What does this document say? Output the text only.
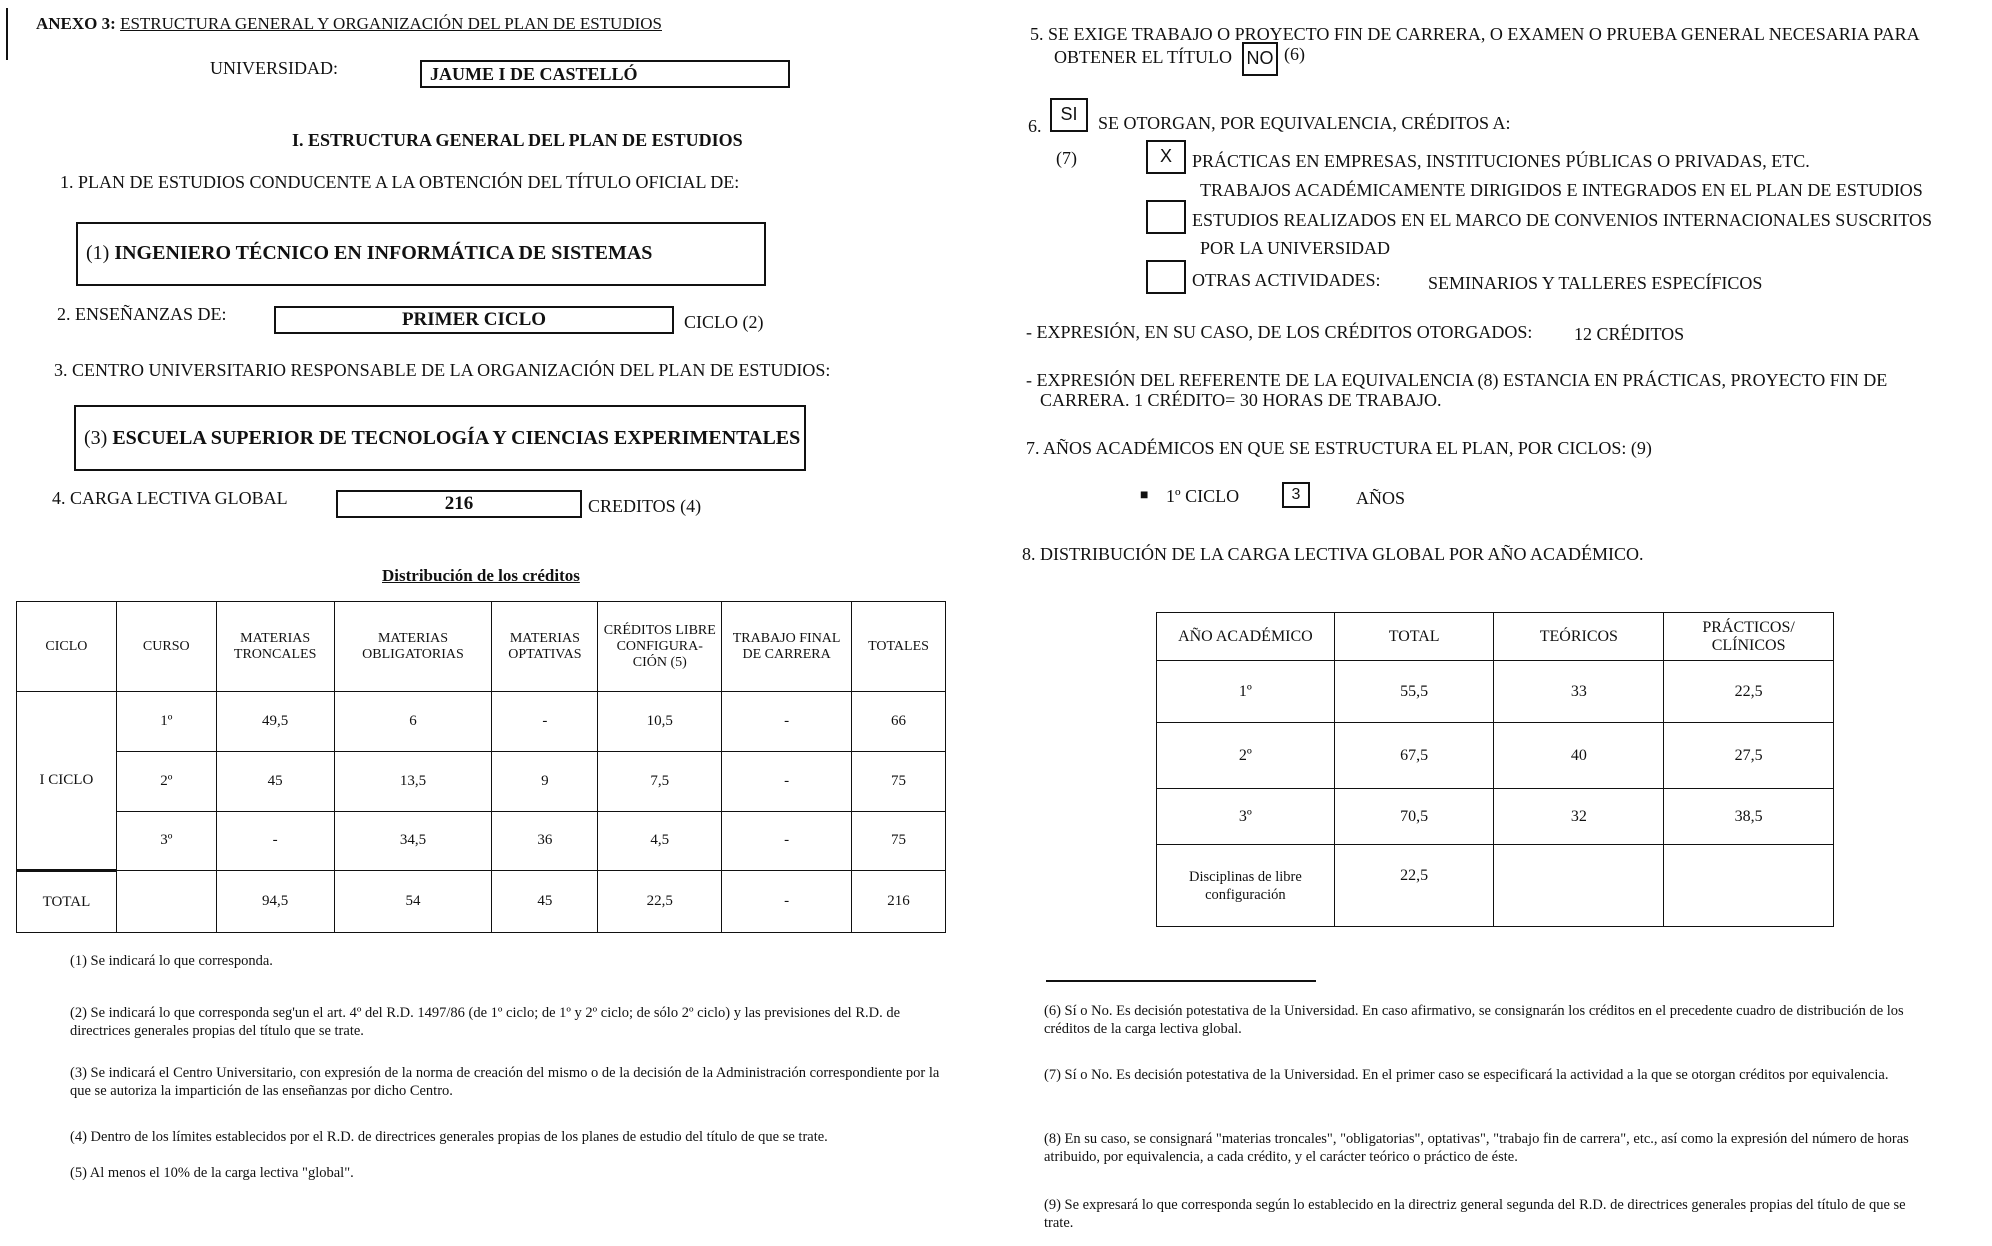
ANEXO 3: ESTRUCTURA GENERAL Y ORGANIZACIÓN DEL PLAN DE ESTUDIOS
UNIVERSIDAD:	JAUME I DE CASTELLÓ
I. ESTRUCTURA GENERAL DEL PLAN DE ESTUDIOS
1. PLAN DE ESTUDIOS CONDUCENTE A LA OBTENCIÓN DEL TÍTULO OFICIAL DE:
(1) INGENIERO TÉCNICO EN INFORMÁTICA DE SISTEMAS
2. ENSEÑANZAS DE:	PRIMER CICLO	CICLO (2)
3. CENTRO UNIVERSITARIO RESPONSABLE DE LA ORGANIZACIÓN DEL PLAN DE ESTUDIOS:
(3) ESCUELA SUPERIOR DE TECNOLOGÍA Y CIENCIAS EXPERIMENTALES
4. CARGA LECTIVA GLOBAL	216	CREDITOS (4)
Distribución de los créditos
CICLO	CURSO	MATERIAS TRONCALES	MATERIAS OBLIGATORIAS	MATERIAS OPTATIVAS	CRÉDITOS LIBRE CONFIGURA-CIÓN (5)	TRABAJO FINAL DE CARRERA	TOTALES
I CICLO	1º	49,5	6	-	10,5	-	66
	2º	45	13,5	9	7,5	-	75
	3º	-	34,5	36	4,5	-	75
TOTAL		94,5	54	45	22,5	-	216
(1) Se indicará lo que corresponda.
(2) Se indicará lo que corresponda seg'un el art. 4º del R.D. 1497/86 (de 1º ciclo; de 1º y 2º ciclo; de sólo 2º ciclo) y las previsiones del R.D. de directrices generales propias del título que se trate.
(3) Se indicará el Centro Universitario, con expresión de la norma de creación del mismo o de la decisión de la Administración correspondiente por la que se autoriza la impartición de las enseñanzas por dicho Centro.
(4) Dentro de los límites establecidos por el R.D. de directrices generales propias de los planes de estudio del título de que se trate.
(5) Al menos el 10% de la carga lectiva "global".
5. SE EXIGE TRABAJO O PROYECTO FIN DE CARRERA, O EXAMEN O PRUEBA GENERAL NECESARIA PARA
OBTENER EL TÍTULO NO (6)
6.
SI	SE OTORGAN, POR EQUIVALENCIA, CRÉDITOS A:
(7)	X	PRÁCTICAS EN EMPRESAS, INSTITUCIONES PÚBLICAS O PRIVADAS, ETC.
TRABAJOS ACADÉMICAMENTE DIRIGIDOS E INTEGRADOS EN EL PLAN DE ESTUDIOS
ESTUDIOS REALIZADOS EN EL MARCO DE CONVENIOS INTERNACIONALES SUSCRITOS
POR LA UNIVERSIDAD
OTRAS ACTIVIDADES:	SEMINARIOS Y TALLERES ESPECÍFICOS
- EXPRESIÓN, EN SU CASO, DE LOS CRÉDITOS OTORGADOS: 12 CRÉDITOS
- EXPRESIÓN DEL REFERENTE DE LA EQUIVALENCIA (8) ESTANCIA EN PRÁCTICAS, PROYECTO FIN DE
CARRERA. 1 CRÉDITO= 30 HORAS DE TRABAJO.
7. AÑOS ACADÉMICOS EN QUE SE ESTRUCTURA EL PLAN, POR CICLOS: (9)
■ 1º CICLO	3	AÑOS
8. DISTRIBUCIÓN DE LA CARGA LECTIVA GLOBAL POR AÑO ACADÉMICO.
AÑO ACADÉMICO	TOTAL	TEÓRICOS	PRÁCTICOS/ CLÍNICOS
1º	55,5	33	22,5
2º	67,5	40	27,5
3º	70,5	32	38,5
Disciplinas de libre configuración	22,5		
(6) Sí o No. Es decisión potestativa de la Universidad. En caso afirmativo, se consignarán los créditos en el precedente cuadro de distribución de los créditos de la carga lectiva global.
(7) Sí o No. Es decisión potestativa de la Universidad. En el primer caso se especificará la actividad a la que se otorgan créditos por equivalencia.
(8) En su caso, se consignará "materias troncales", "obligatorias", optativas", "trabajo fin de carrera", etc., así como la expresión del número de horas atribuido, por equivalencia, a cada crédito, y el carácter teórico o práctico de éste.
(9) Se expresará lo que corresponda según lo establecido en la directriz general segunda del R.D. de directrices generales propias del título de que se trate.
